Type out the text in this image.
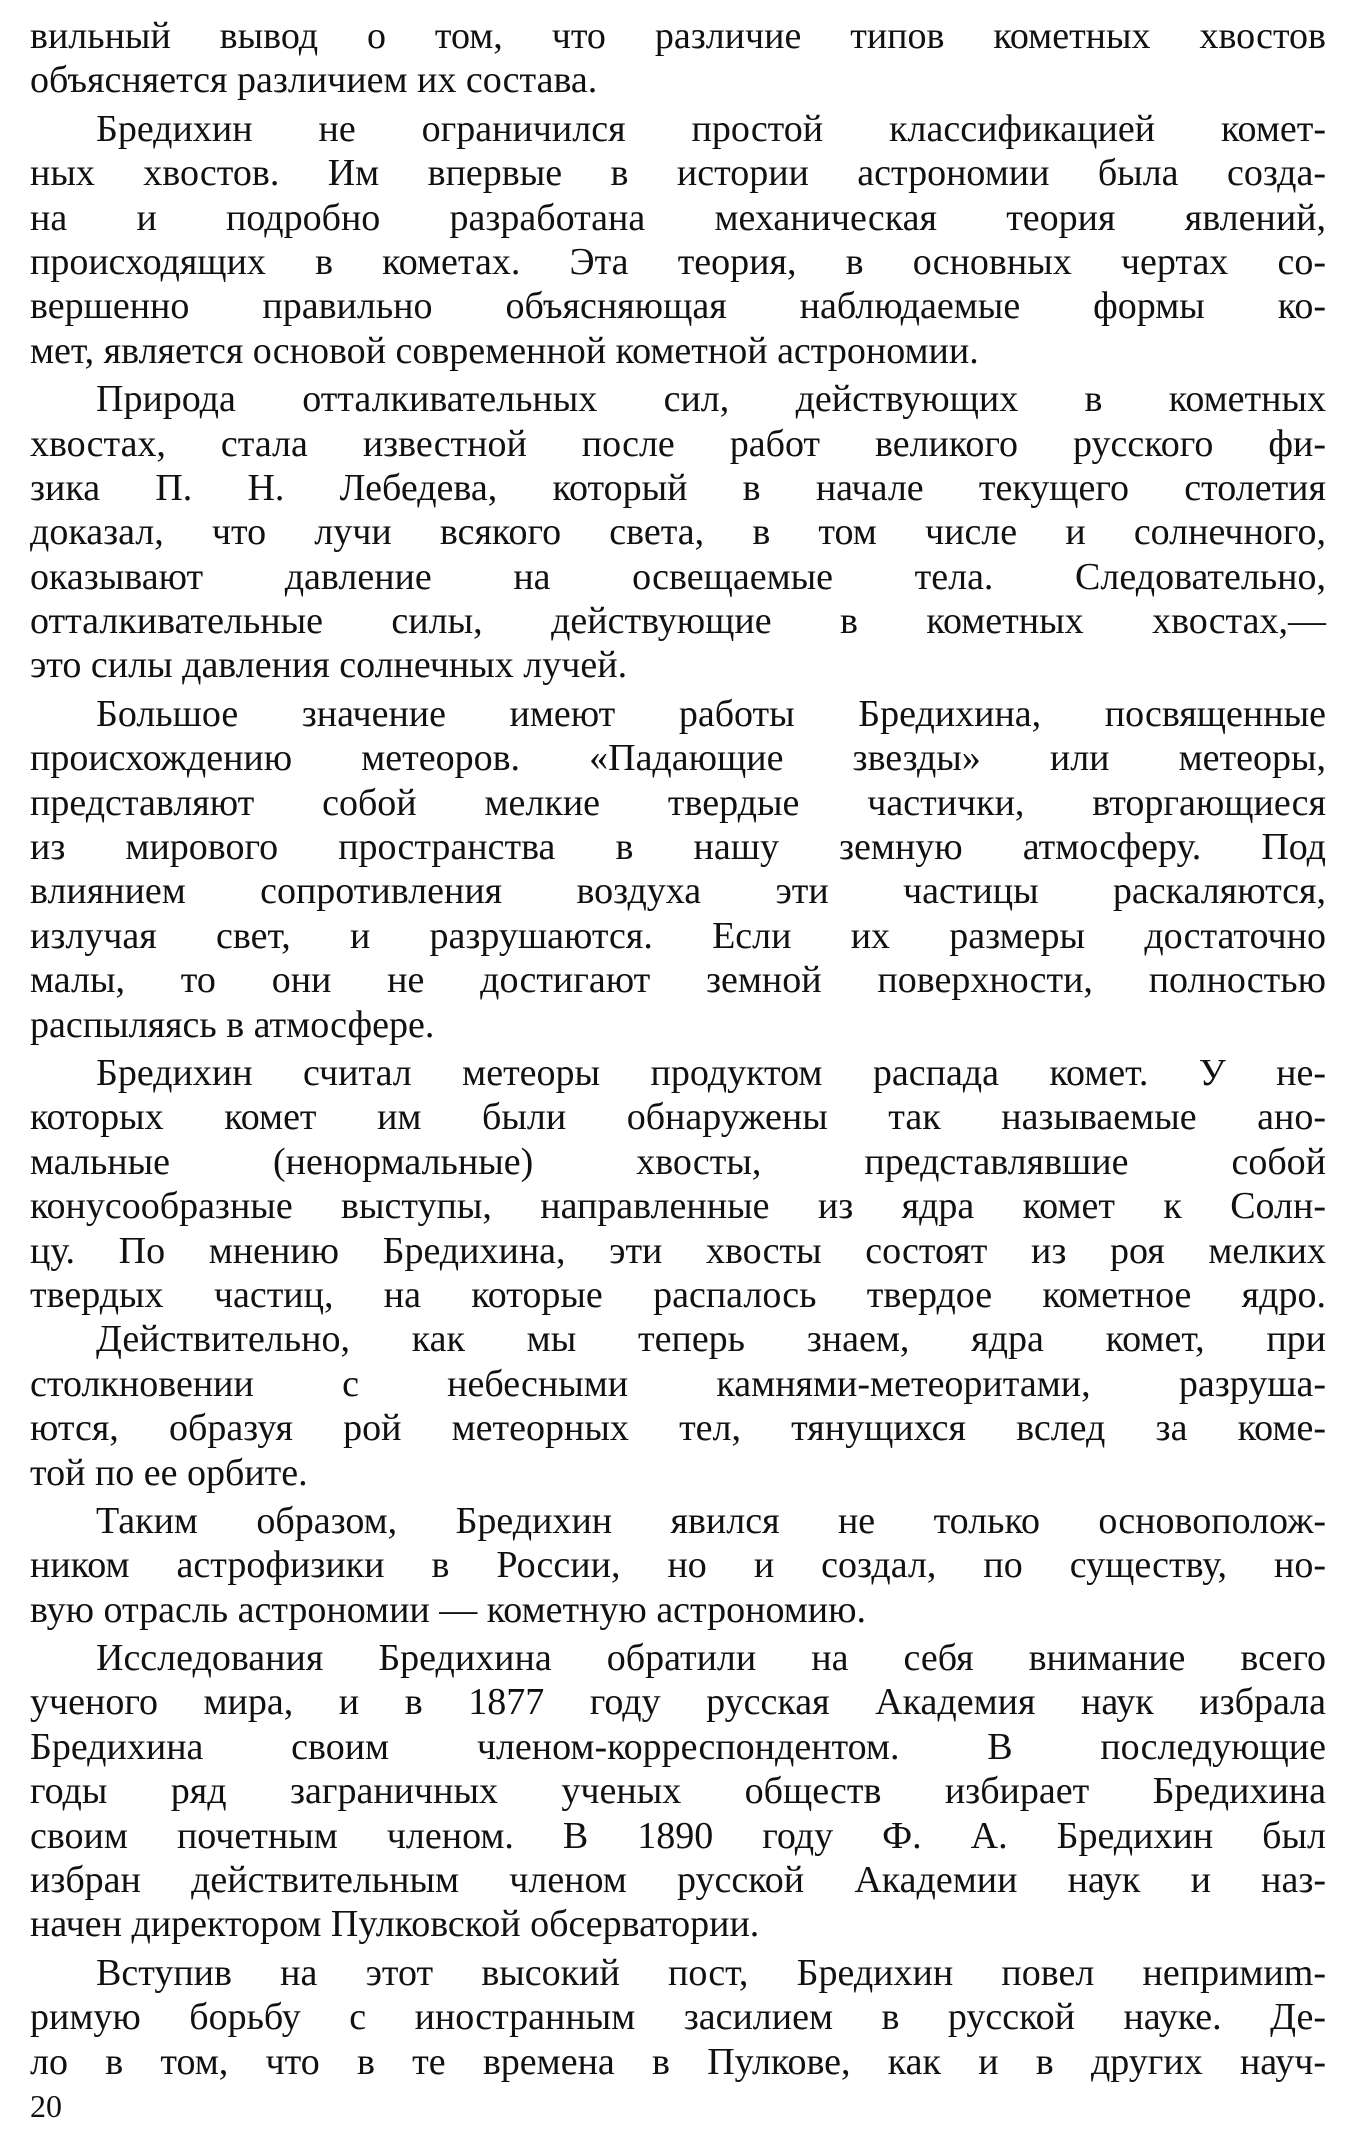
вильный вывод о том, что различие типов кометных хвостов
объясняется различием их состава.
Бредихин не ограничился простой классификацией комет-
ных хвостов. Им впервые в истории астрономии была созда-
на и подробно разработана механическая теория явлений,
происходящих в кометах. Эта теория, в основных чертах со-
вершенно правильно объясняющая наблюдаемые формы ко-
мет, является основой современной кометной астрономии.
Природа отталкивательных сил, действующих в кометных
хвостах, стала известной после работ великого русского фи-
зика П. Н. Лебедева, который в начале текущего столетия
доказал, что лучи всякого света, в том числе и солнечного,
оказывают давление на освещаемые тела. Следовательно,
отталкивательные силы, действующие в кометных хвостах,—
это силы давления солнечных лучей.
Большое значение имеют работы Бредихина, посвященные
происхождению метеоров. «Падающие звезды» или метеоры,
представляют собой мелкие твердые частички, вторгающиеся
из мирового пространства в нашу земную атмосферу. Под
влиянием сопротивления воздуха эти частицы раскаляются,
излучая свет, и разрушаются. Если их размеры достаточно
малы, то они не достигают земной поверхности, полностью
распыляясь в атмосфере.
Бредихин считал метеоры продуктом распада комет. У не-
которых комет им были обнаружены так называемые ано-
мальные (ненормальные) хвосты, представлявшие собой
конусообразные выступы, направленные из ядра комет к Солн-
цу. По мнению Бредихина, эти хвосты состоят из роя мелких
твердых частиц, на которые распалось твердое кометное ядро.
Действительно, как мы теперь знаем, ядра комет, при
столкновении с небесными камнями-метеоритами, разруша-
ются, образуя рой метеорных тел, тянущихся вслед за коме-
той по ее орбите.
Таким образом, Бредихин явился не только основополож-
ником астрофизики в России, но и создал, по существу, но-
вую отрасль астрономии — кометную астрономию.
Исследования Бредихина обратили на себя внимание всего
ученого мира, и в 1877 году русская Академия наук избрала
Бредихина своим членом-корреспондентом. В последующие
годы ряд заграничных ученых обществ избирает Бредихина
своим почетным членом. В 1890 году Ф. А. Бредихин был
избран действительным членом русской Академии наук и наз-
начен директором Пулковской обсерватории.
Вступив на этот высокий пост, Бредихин повел непримиm-
римую борьбу с иностранным засилием в русской науке. Де-
ло в том, что в те времена в Пулкове, как и в других науч-
20
